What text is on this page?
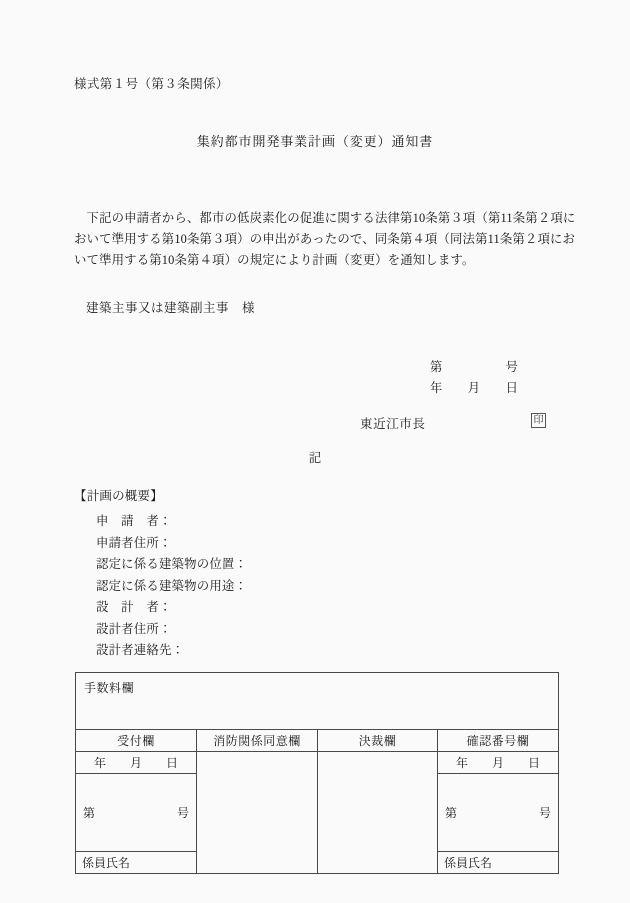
様式第１号（第３条関係）
集約都市開発事業計画（変更）通知書
　下記の申請者から、都市の低炭素化の促進に関する法律第10条第３項（第11条第２項に
おいて準用する第10条第３項）の申出があったので、同条第４項（同法第11条第２項にお
いて準用する第10条第４項）の規定により計画（変更）を通知します。
建築主事又は建築副主事　様
第　　　　　号
年　　月　　日
東近江市長	印
記
【計画の概要】
申　請　者：
申請者住所：
認定に係る建築物の位置：
認定に係る建築物の用途：
設　計　者：
設計者住所：
設計者連絡先：
手数料欄			
受付欄	消防関係同意欄	決裁欄	確認番号欄
年　　月　　日			年　　月　　日

第 号			第 号

係員氏名			係員氏名
